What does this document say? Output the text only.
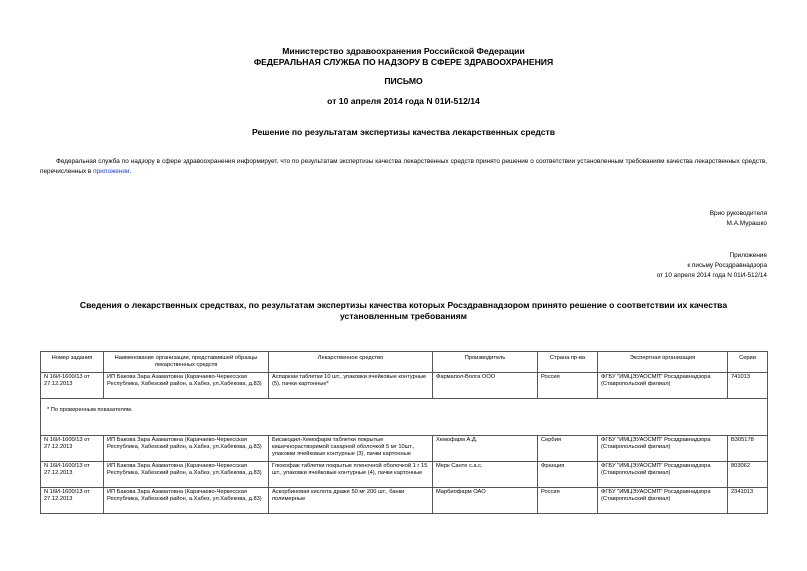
Министерство здравоохранения Российской Федерации
ФЕДЕРАЛЬНАЯ СЛУЖБА ПО НАДЗОРУ В СФЕРЕ ЗДРАВООХРАНЕНИЯ
ПИСЬМО
от 10 апреля 2014 года N 01И-512/14
Решение по результатам экспертизы качества лекарственных средств
Федеральная служба по надзору в сфере здравоохранения информирует, что по результатам экспертизы качества лекарственных средств принято решение о соответствии установленным требованиям качества лекарственных средств, перечисленных в приложении.
Врио руководителя
М.А.Мурашко
Приложение
к письму Росздравнадзора
от 10 апреля 2014 года N 01И-512/14
Сведения о лекарственных средствах, по результатам экспертизы качества которых Росздравнадзором принято решение о соответствии их качества установленным требованиям
Номер задания	Наименование организации, представившей образцы лекарственных средств	Лекарственное средство	Производитель	Страна пр-ва	Экспертная организация	Серии
N 16И-1600/13 от 27.12.2013	ИП Бакова Зара Азаматовна (Карачаево-Черкесская Республика, Хабезский район, а.Хабез, ул.Хабекова, д.83)	Аспаркам таблетки 10 шт., упаковки ячейковые контурные (5), пачки картонные*	Фармапол-Волга ООО	Россия	ФГБУ "ИМЦЭУАОСМП" Росздравнадзора (Ставропольский филиал)	741013
* По проверенным показателям.						
N 16И-1600/13 от 27.12.2013	ИП Бакова Зара Азаматовна (Карачаево-Черкесская Республика, Хабезский район, а.Хабез, ул.Хабекова, д.83)	Бисакодил-Хемофарм таблетки покрытые кишечнорастворимой сахарной оболочкой 5 мг 10шт., упаковки ячейковые контурные (3), пачки картонные	Хемофарм А.Д.	Сербия	ФГБУ "ИМЦЭУАОСМП" Росздравнадзора (Ставропольский филиал)	В305178
N 16И-1600/13 от 27.12.2013	ИП Бакова Зара Азаматовна (Карачаево-Черкесская Республика, Хабезский район, а.Хабез, ул.Хабекова, д.83)	Глюкофаж таблетки покрытые пленочной оболочкой 1 г 15 шт., упаковки ячейковые контурные (4), пачки картонные	Мерк Санте с.а.с.	Франция	ФГБУ "ИМЦЭУАОСМП" Росздравнадзора (Ставропольский филиал)	803062
N 16И-1600/13 от 27.12.2013	ИП Бакова Зара Азаматовна (Карачаево-Черкесская Республика, Хабезский район, а.Хабез, ул.Хабекова, д.83)	Аскорбиновая кислота драже 50 мг 200 шт., банки полимерные	Марбиофарм ОАО	Россия	ФГБУ "ИМЦЭУАОСМП" Росздравнадзора (Ставропольский филиал)	2341013
